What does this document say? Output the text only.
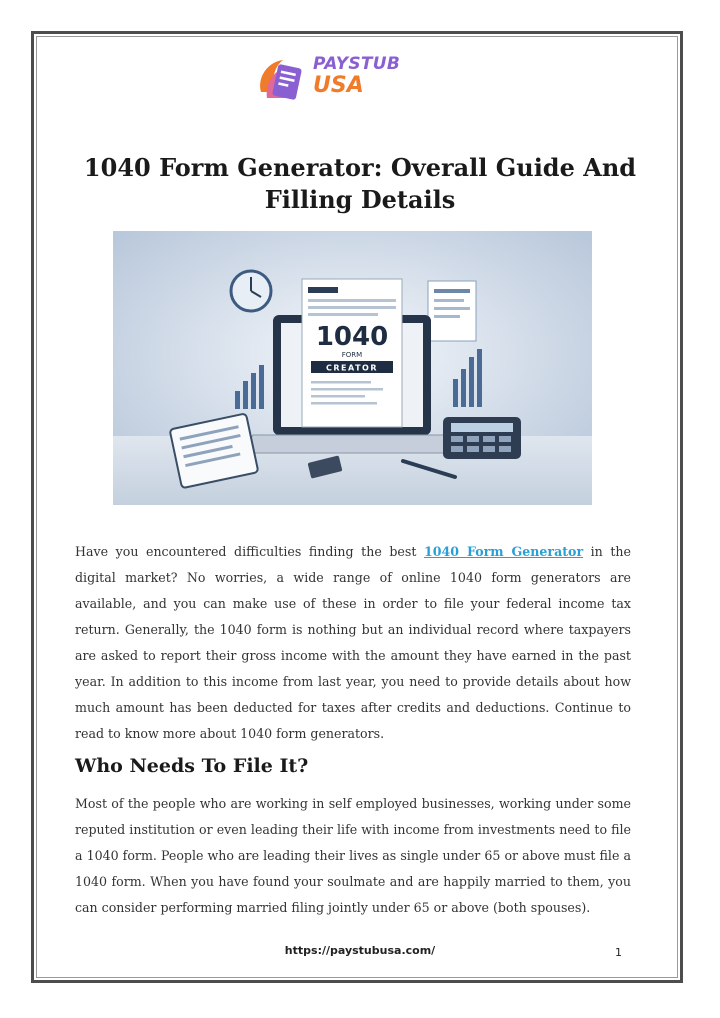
PAYSTUB
USA
1040 Form Generator: Overall Guide And Filling Details
1040
FORM
CREATOR

Have you encountered difficulties finding the best 1040 Form Generator in the digital market? No worries, a wide range of online 1040 form generators are available, and you can make use of these in order to file your federal income tax return. Generally, the 1040 form is nothing but an individual record where taxpayers are asked to report their gross income with the amount they have earned in the past year. In addition to this income from last year, you need to provide details about how much amount has been deducted for taxes after credits and deductions. Continue to read to know more about 1040 form generators.

Who Needs To File It?

Most of the people who are working in self employed businesses, working under some reputed institution or even leading their life with income from investments need to file a 1040 form. People who are leading their lives as single under 65 or above must file a 1040 form. When you have found your soulmate and are happily married to them, you can consider performing married filing jointly under 65 or above (both spouses).

https://paystubusa.com/	1
